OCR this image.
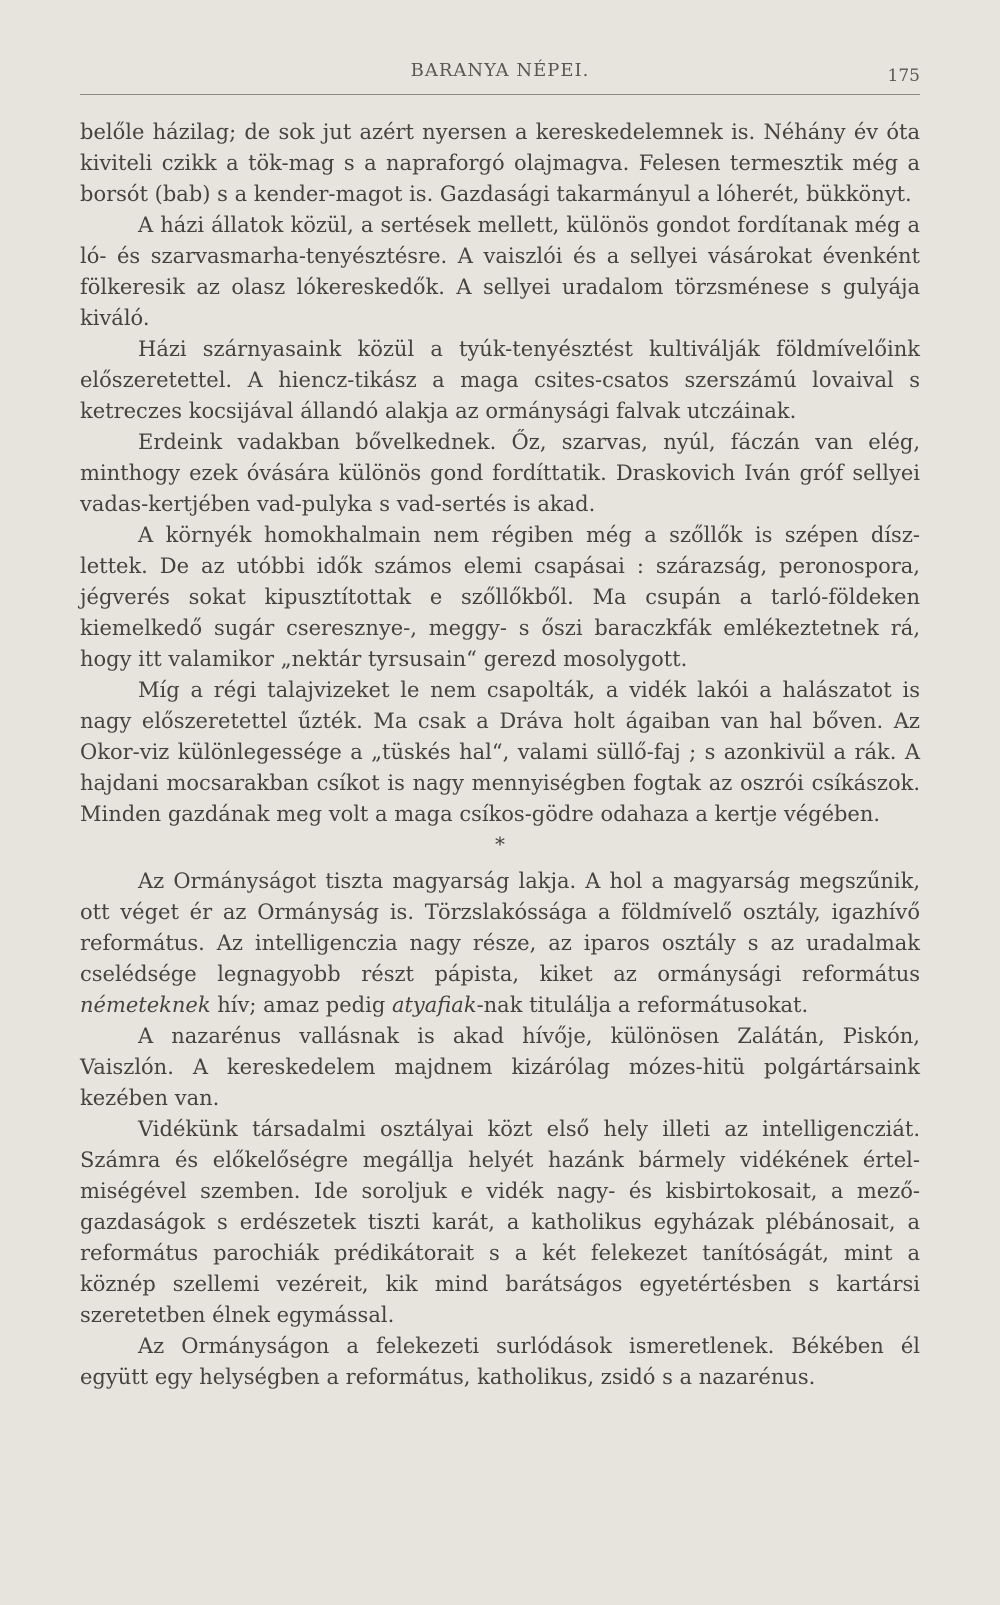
BARANYA NÉPEI.	175

belőle házilag; de sok jut azért nyersen a kereskedelemnek is. Néhány év óta kiviteli czikk a tök-mag s a napraforgó olajmagva. Felesen termesztik még a borsót (bab) s a kender-magot is. Gazdasági takarmányul a lóherét, bükkönyt.

A házi állatok közül, a sertések mellett, különös gondot fordítanak még a ló- és szarvasmarha-tenyésztésre. A vaiszlói és a sellyei vásárokat évenként fölkeresik az olasz lókereskedők. A sellyei uradalom törzsménese s gulyája kiváló.

Házi szárnyasaink közül a tyúk-tenyésztést kultiválják földmívelőink előszeretettel. A hiencz-tikász a maga csites-csatos szerszámú lovaival s ketreczes kocsijával állandó alakja az ormánysági falvak utczáinak.

Erdeink vadakban bővelkednek. Őz, szarvas, nyúl, fáczán van elég, minthogy ezek óvására különös gond fordíttatik. Draskovich Iván gróf sellyei vadas-kertjében vad-pulyka s vad-sertés is akad.

A környék homokhalmain nem régiben még a szőllők is szépen díszlettek. De az utóbbi idők számos elemi csapásai : szárazság, peronospora, jégverés sokat kipusztítottak e szőllőkből. Ma csupán a tarló-földeken kiemelkedő sugár cseresznye-, meggy- s őszi baraczkfák emlékeztetnek rá, hogy itt valamikor „nektár tyrsusain“ gerezd mosolygott.

Míg a régi talajvizeket le nem csapolták, a vidék lakói a halászatot is nagy előszeretettel űzték. Ma csak a Dráva holt ágaiban van hal bőven. Az Okor-viz különlegessége a „tüskés hal“, valami süllő-faj ; s azonkivül a rák. A hajdani mocsarakban csíkot is nagy mennyiségben fogtak az oszrói csíkászok. Minden gazdának meg volt a maga csíkos-gödre odahaza a kertje végében.

*

Az Ormányságot tiszta magyarság lakja. A hol a magyarság megszűnik, ott véget ér az Ormányság is. Törzslakóssága a földmívelő osztály, igazhívő református. Az intelligenczia nagy része, az iparos osztály s az uradalmak cselédsége legnagyobb részt pápista, kiket az ormánysági református németeknek hív; amaz pedig atyafiak-nak titulálja a reformátusokat.

A nazarénus vallásnak is akad hívője, különösen Zalátán, Piskón, Vaiszlón. A kereskedelem majdnem kizárólag mózes-hitü polgártársaink kezében van.

Vidékünk társadalmi osztályai közt első hely illeti az intelligencziát. Számra és előkelőségre megállja helyét hazánk bármely vidékének értelmiségével szemben. Ide soroljuk e vidék nagy- és kisbirtokosait, a mezőgazdaságok s erdészetek tiszti karát, a katholikus egyházak plébánosait, a református parochiák prédikátorait s a két felekezet tanítóságát, mint a köznép szellemi vezéreit, kik mind barátságos egyetértésben s kartársi szeretetben élnek egymással.

Az Ormányságon a felekezeti surlódások ismeretlenek. Békében él együtt egy helységben a református, katholikus, zsidó s a nazarénus.
